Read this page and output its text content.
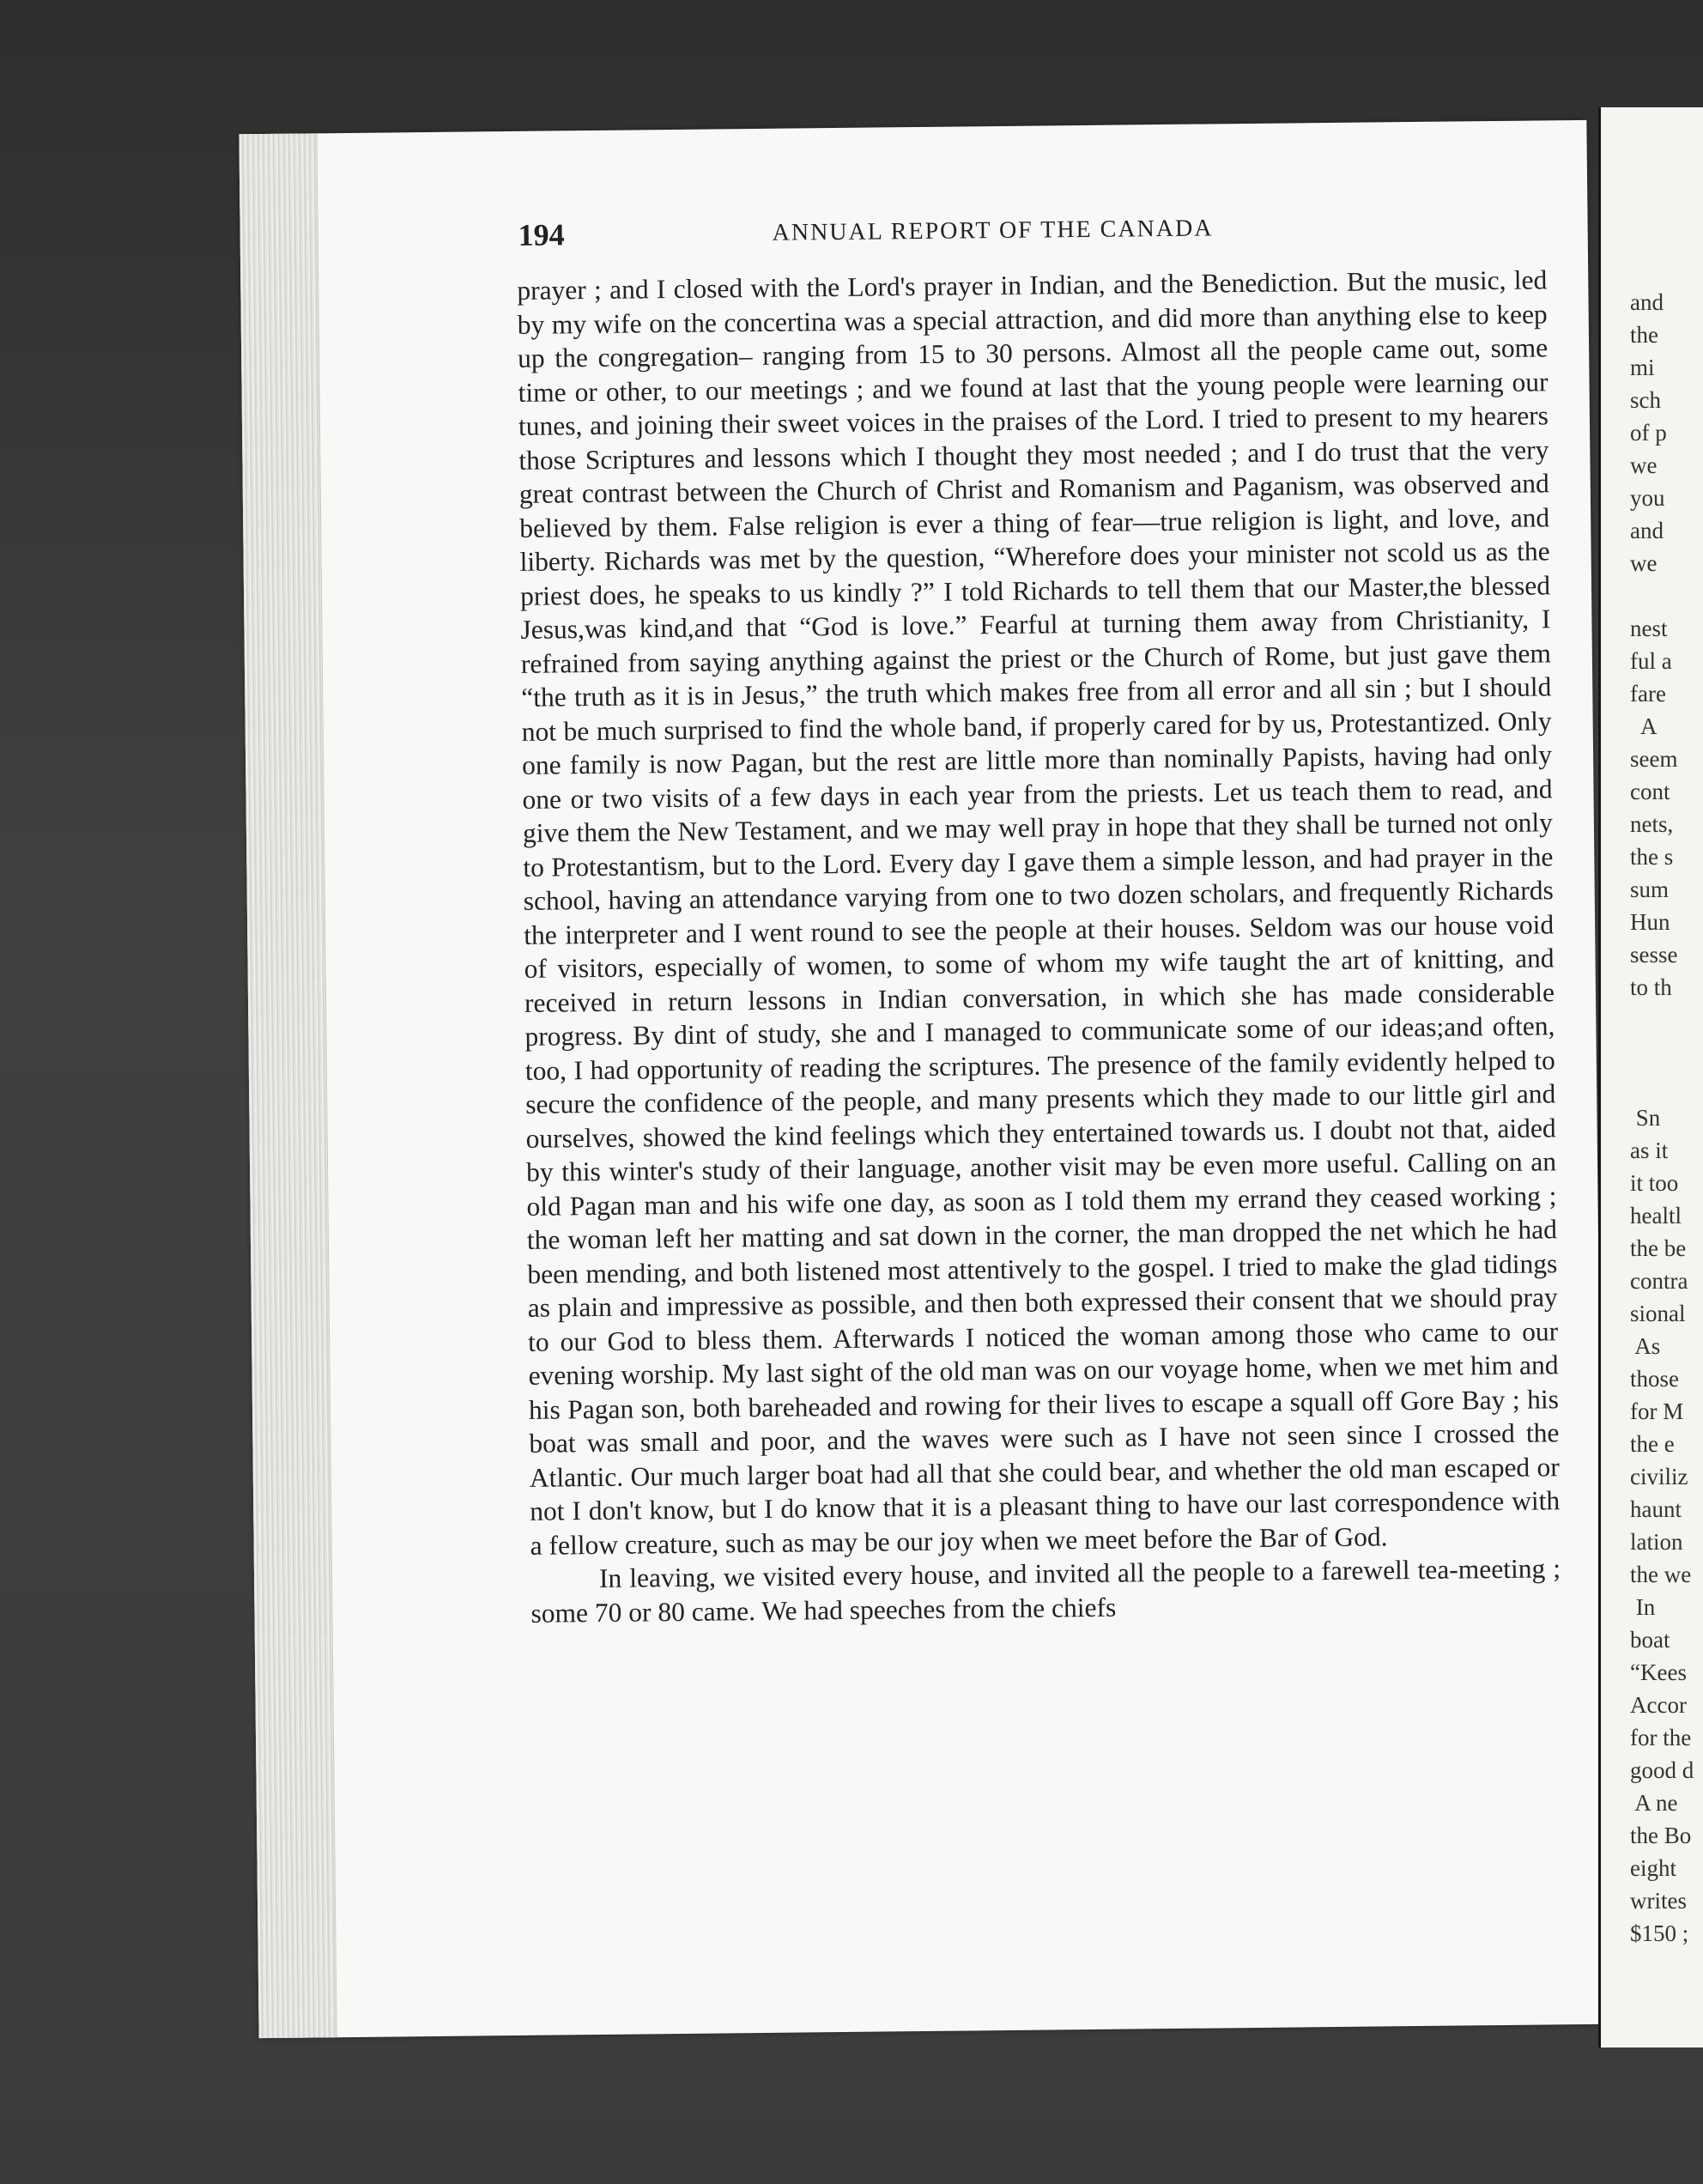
194	ANNUAL REPORT OF THE CANADA

prayer ; and I closed with the Lord's prayer in Indian, and the Benediction. But the music, led by my wife on the concertina was a special attraction, and did more than anything else to keep up the congregation– ranging from 15 to 30 persons. Almost all the people came out, some time or other, to our meetings ; and we found at last that the young people were learning our tunes, and joining their sweet voices in the praises of the Lord. I tried to present to my hearers those Scriptures and lessons which I thought they most needed ; and I do trust that the very great contrast between the Church of Christ and Romanism and Paganism, was observed and believed by them. False religion is ever a thing of fear—true religion is light, and love, and liberty. Richards was met by the question, “Wherefore does your minister not scold us as the priest does, he speaks to us kindly ?” I told Richards to tell them that our Master,the blessed Jesus,was kind,and that “God is love.” Fearful at turning them away from Christianity, I refrained from saying anything against the priest or the Church of Rome, but just gave them “the truth as it is in Jesus,” the truth which makes free from all error and all sin ; but I should not be much surprised to find the whole band, if properly cared for by us, Protestantized. Only one family is now Pagan, but the rest are little more than nominally Papists, having had only one or two visits of a few days in each year from the priests. Let us teach them to read, and give them the New Testament, and we may well pray in hope that they shall be turned not only to Protestantism, but to the Lord. Every day I gave them a simple lesson, and had prayer in the school, having an attendance varying from one to two dozen scholars, and frequently Richards the interpreter and I went round to see the people at their houses. Seldom was our house void of visitors, especially of women, to some of whom my wife taught the art of knitting, and received in return lessons in Indian conversation, in which she has made considerable progress. By dint of study, she and I managed to communicate some of our ideas;and often, too, I had opportunity of reading the scriptures. The presence of the family evidently helped to secure the confidence of the people, and many presents which they made to our little girl and ourselves, showed the kind feelings which they entertained towards us. I doubt not that, aided by this winter's study of their language, another visit may be even more useful. Calling on an old Pagan man and his wife one day, as soon as I told them my errand they ceased working ; the woman left her matting and sat down in the corner, the man dropped the net which he had been mending, and both listened most attentively to the gospel. I tried to make the glad tidings as plain and impressive as possible, and then both expressed their consent that we should pray to our God to bless them. Afterwards I noticed the woman among those who came to our evening worship. My last sight of the old man was on our voyage home, when we met him and his Pagan son, both bareheaded and rowing for their lives to escape a squall off Gore Bay ; his boat was small and poor, and the waves were such as I have not seen since I crossed the Atlantic. Our much larger boat had all that she could bear, and whether the old man escaped or not I don't know, but I do know that it is a pleasant thing to have our last correspondence with a fellow creature, such as may be our joy when we meet before the Bar of God.

In leaving, we visited every house, and invited all the people to a farewell tea-meeting ; some 70 or 80 came. We had speeches from the chiefs

and
the
mi
sch
of p
we
you
and
we

nest
ful a
fare
A
seem
cont
nets,
the s
sum
Hun
sesse
to th

Sn
as it
it too
healtl
the be
contra
sional
As
those
for M
the e
civiliz
haunt
lation
the we
In
boat
“Kees
Accor
for the
good d
A ne
the Bo
eight
writes
$150 ;
